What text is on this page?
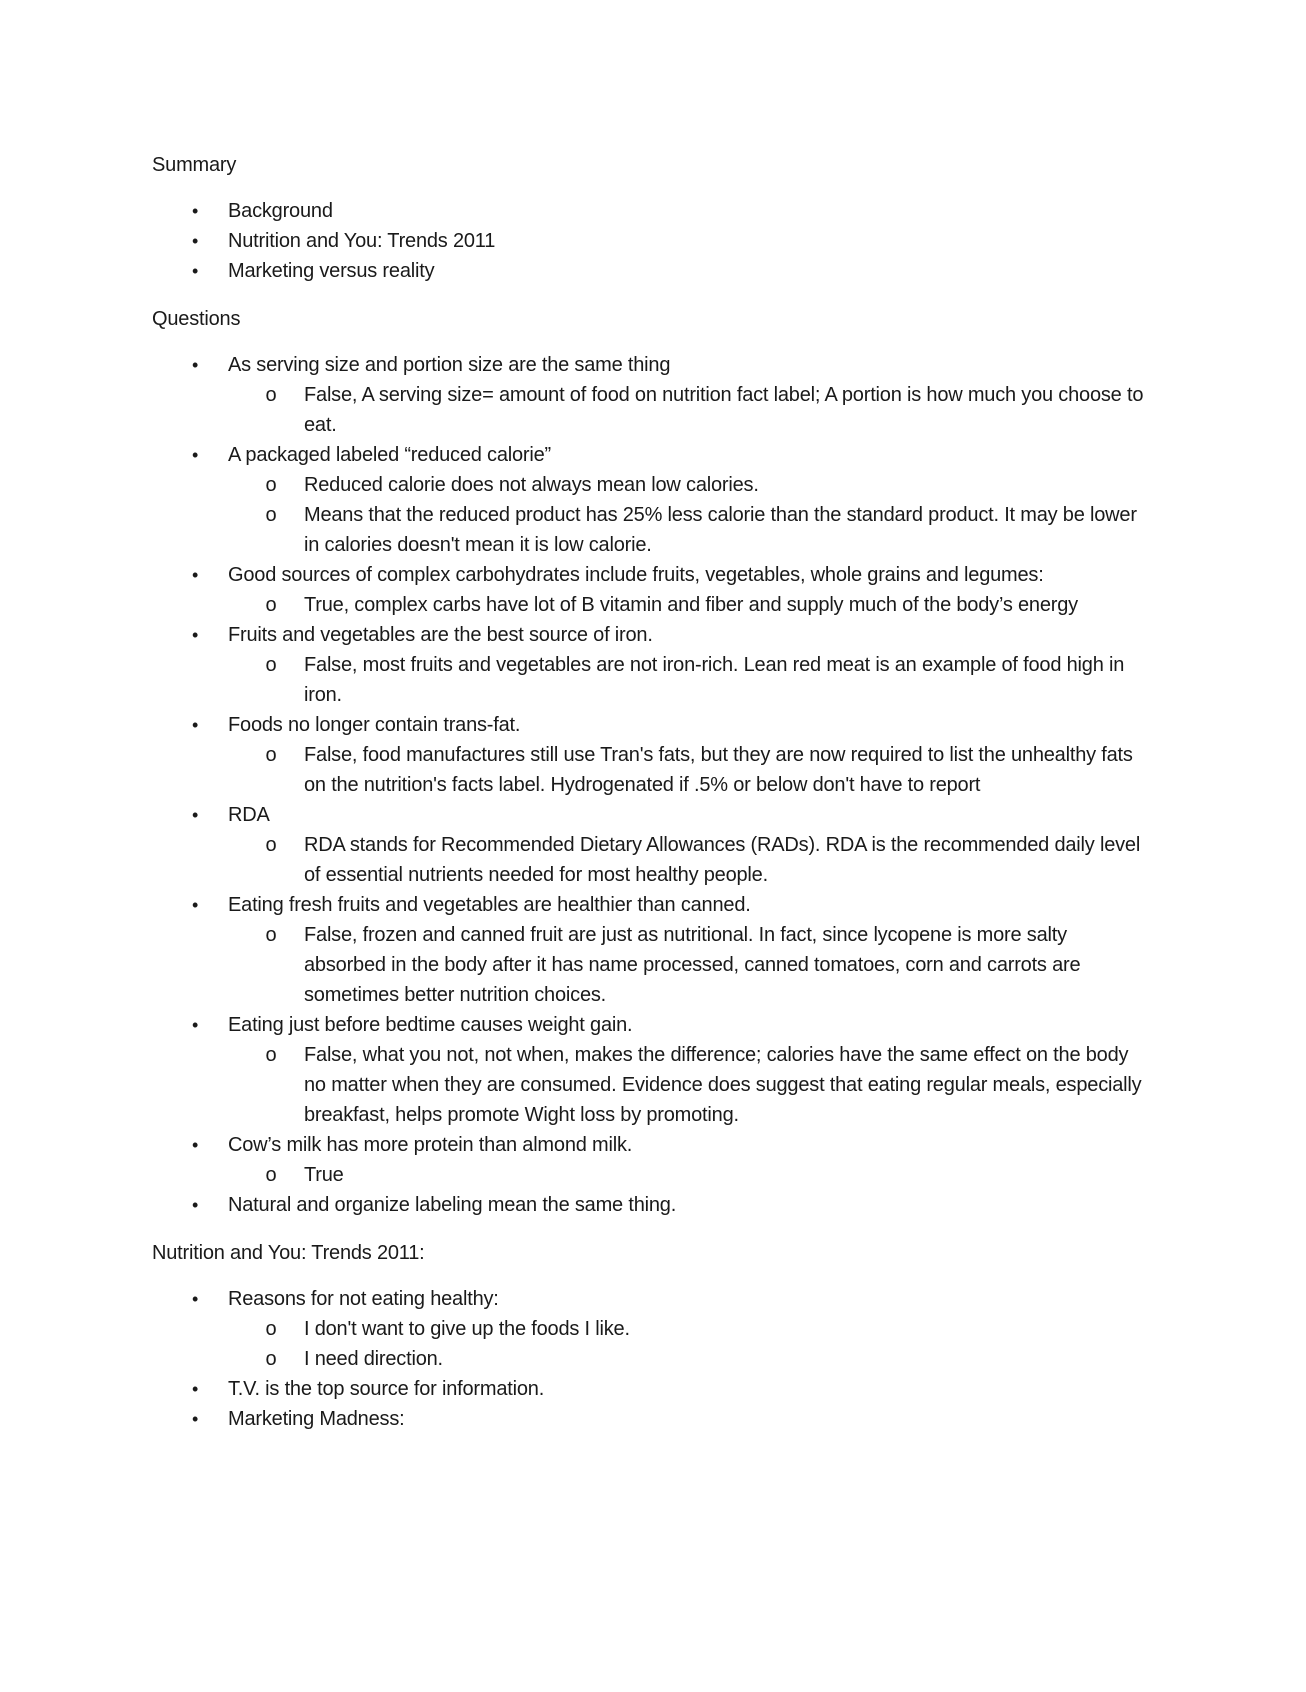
Summary

• Background
• Nutrition and You: Trends 2011
• Marketing versus reality

Questions

• As serving size and portion size are the same thing
o False, A serving size= amount of food on nutrition fact label; A portion is how much you choose to eat.
• A packaged labeled “reduced calorie”
o Reduced calorie does not always mean low calories.
o Means that the reduced product has 25% less calorie than the standard product. It may be lower in calories doesn't mean it is low calorie.
• Good sources of complex carbohydrates include fruits, vegetables, whole grains and legumes:
o True, complex carbs have lot of B vitamin and fiber and supply much of the body’s energy
• Fruits and vegetables are the best source of iron.
o False, most fruits and vegetables are not iron-rich. Lean red meat is an example of food high in iron.
• Foods no longer contain trans-fat.
o False, food manufactures still use Tran's fats, but they are now required to list the unhealthy fats on the nutrition's facts label. Hydrogenated if .5% or below don't have to report
• RDA
o RDA stands for Recommended Dietary Allowances (RADs). RDA is the recommended daily level of essential nutrients needed for most healthy people.
• Eating fresh fruits and vegetables are healthier than canned.
o False, frozen and canned fruit are just as nutritional. In fact, since lycopene is more salty absorbed in the body after it has name processed, canned tomatoes, corn and carrots are sometimes better nutrition choices.
• Eating just before bedtime causes weight gain.
o False, what you not, not when, makes the difference; calories have the same effect on the body no matter when they are consumed. Evidence does suggest that eating regular meals, especially breakfast, helps promote Wight loss by promoting.
• Cow’s milk has more protein than almond milk.
o True
• Natural and organize labeling mean the same thing.

Nutrition and You: Trends 2011:

• Reasons for not eating healthy:
o I don't want to give up the foods I like.
o I need direction.
• T.V. is the top source for information.
• Marketing Madness:
